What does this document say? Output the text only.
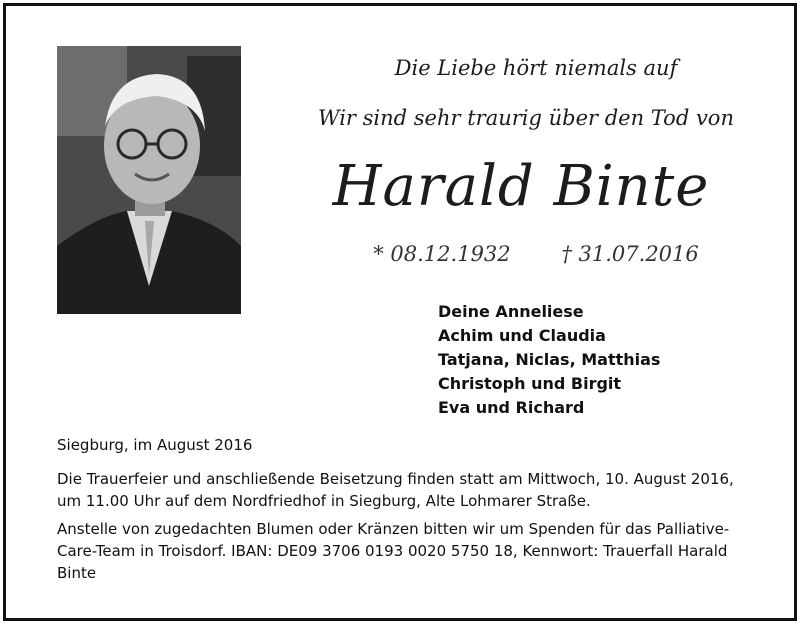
Die Liebe hört niemals auf
Wir sind sehr traurig über den Tod von
Harald Binte
* 08.12.1932 † 31.07.2016
Deine Anneliese
Achim und Claudia
Tatjana, Niclas, Matthias
Christoph und Birgit
Eva und Richard
Siegburg, im August 2016
Die Trauerfeier und anschließende Beisetzung finden statt am Mittwoch, 10. August 2016, um 11.00 Uhr auf dem Nordfriedhof in Siegburg, Alte Lohmarer Straße.
Anstelle von zugedachten Blumen oder Kränzen bitten wir um Spenden für das Palliative-Care-Team in Troisdorf. IBAN: DE09 3706 0193 0020 5750 18, Kennwort: Trauerfall Harald Binte
